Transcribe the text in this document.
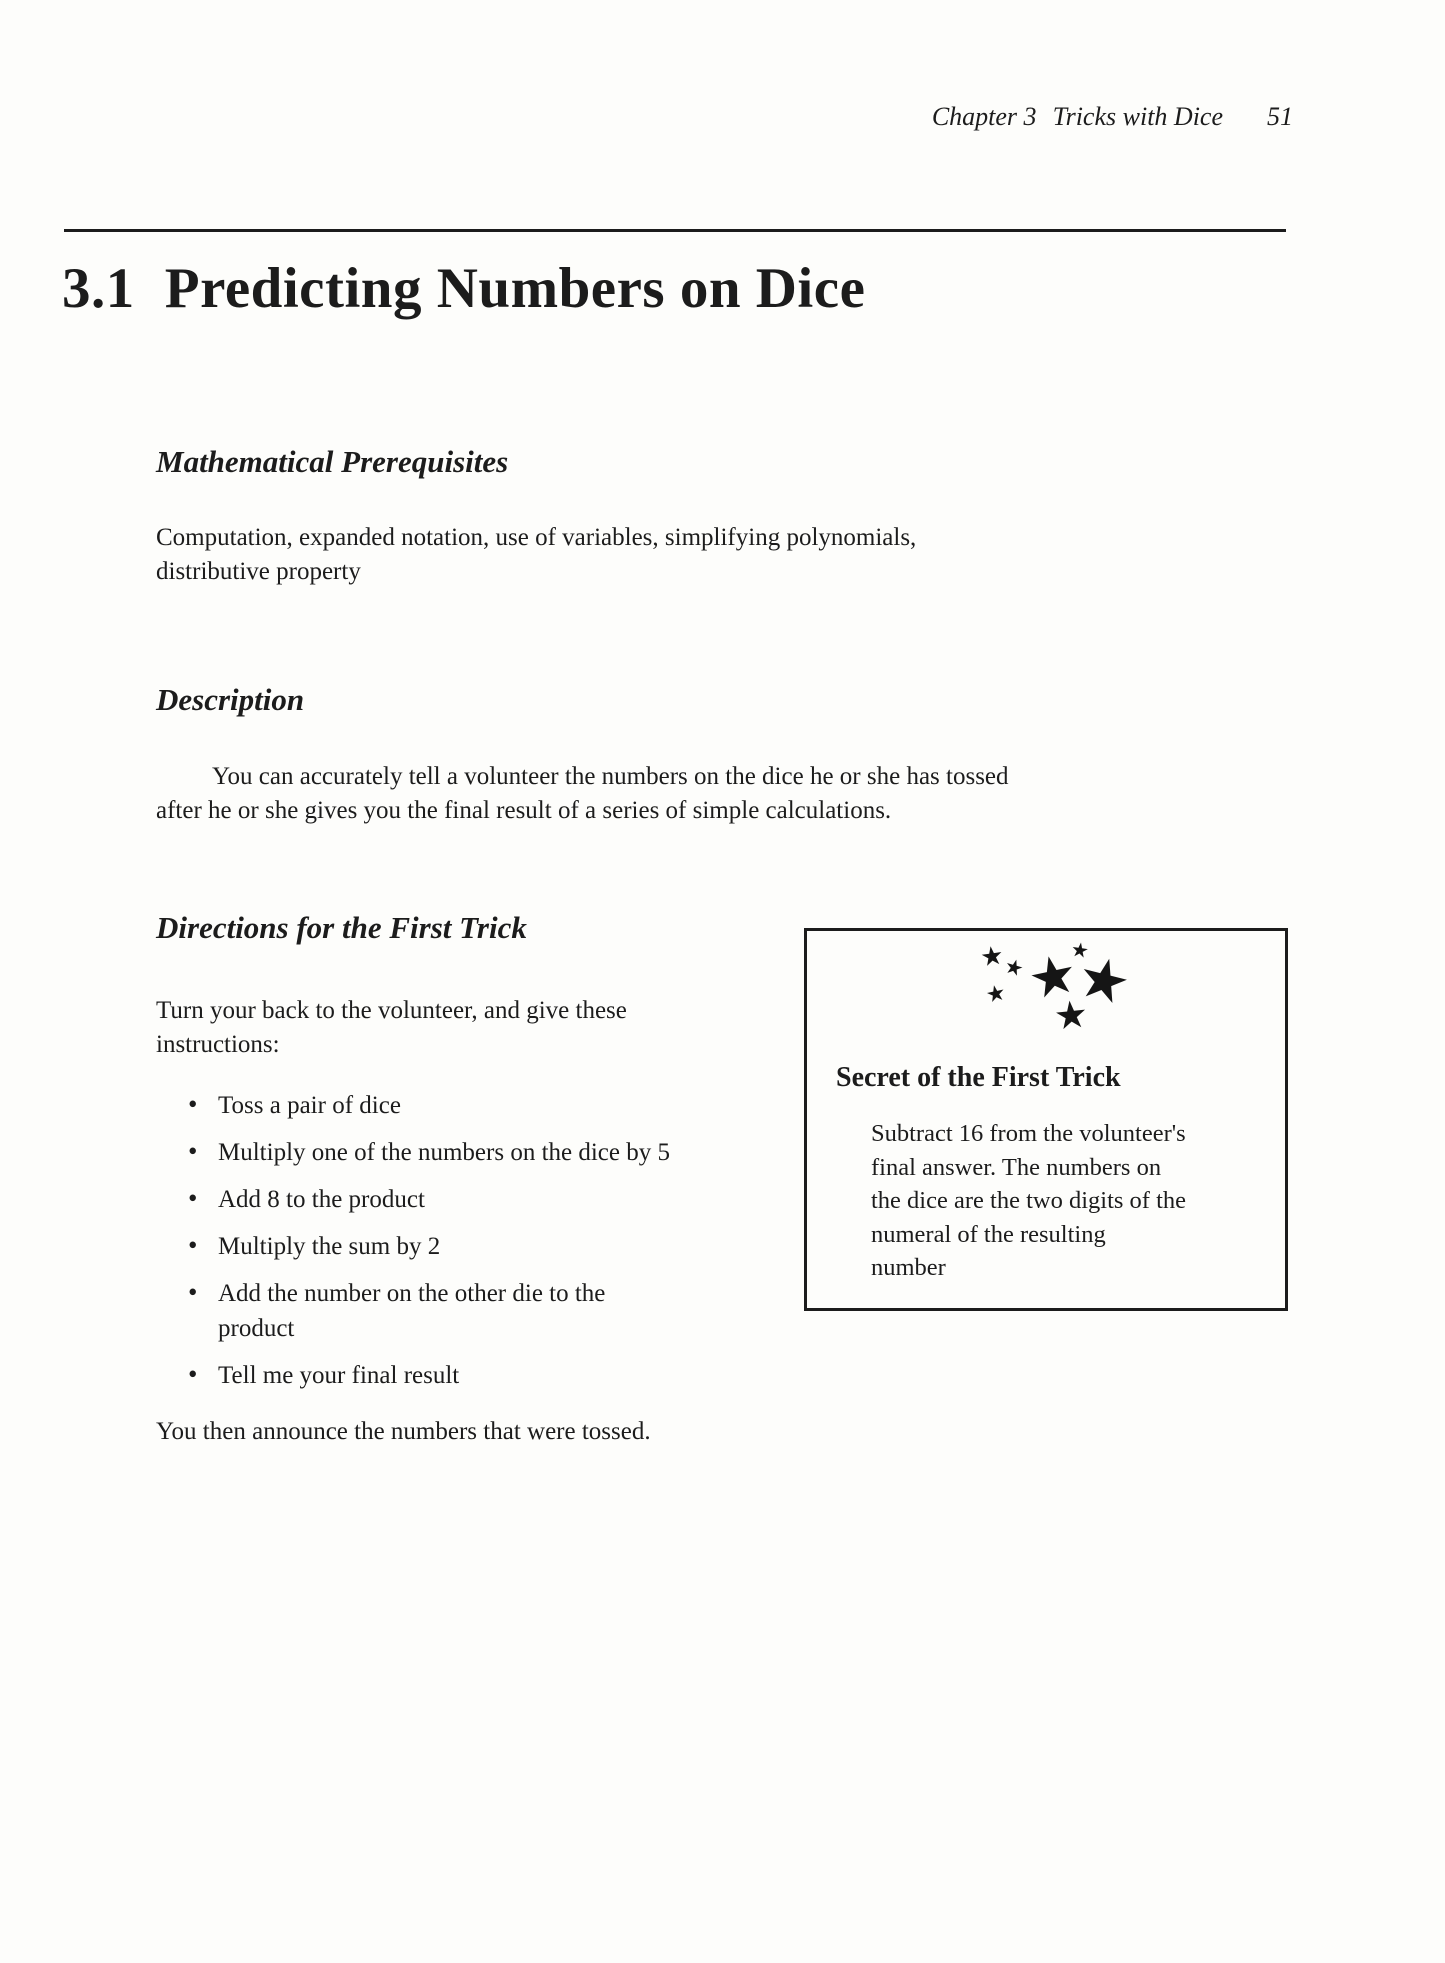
Chapter 3 Tricks with Dice 51
3.1 Predicting Numbers on Dice
Mathematical Prerequisites
Computation, expanded notation, use of variables, simplifying polynomials,
distributive property
Description
You can accurately tell a volunteer the numbers on the dice he or she has tossed
after he or she gives you the final result of a series of simple calculations.
Directions for the First Trick
Turn your back to the volunteer, and give these
instructions:
•
Toss a pair of dice
•
Multiply one of the numbers on the dice by 5
•
Add 8 to the product
•
Multiply the sum by 2
•
Add the number on the other die to the
product
•
Tell me your final result
You then announce the numbers that were tossed.
★
★
★
★
★
★
★
Secret of the First Trick
Subtract 16 from the volunteer's
final answer. The numbers on
the dice are the two digits of the
numeral of the resulting
number
